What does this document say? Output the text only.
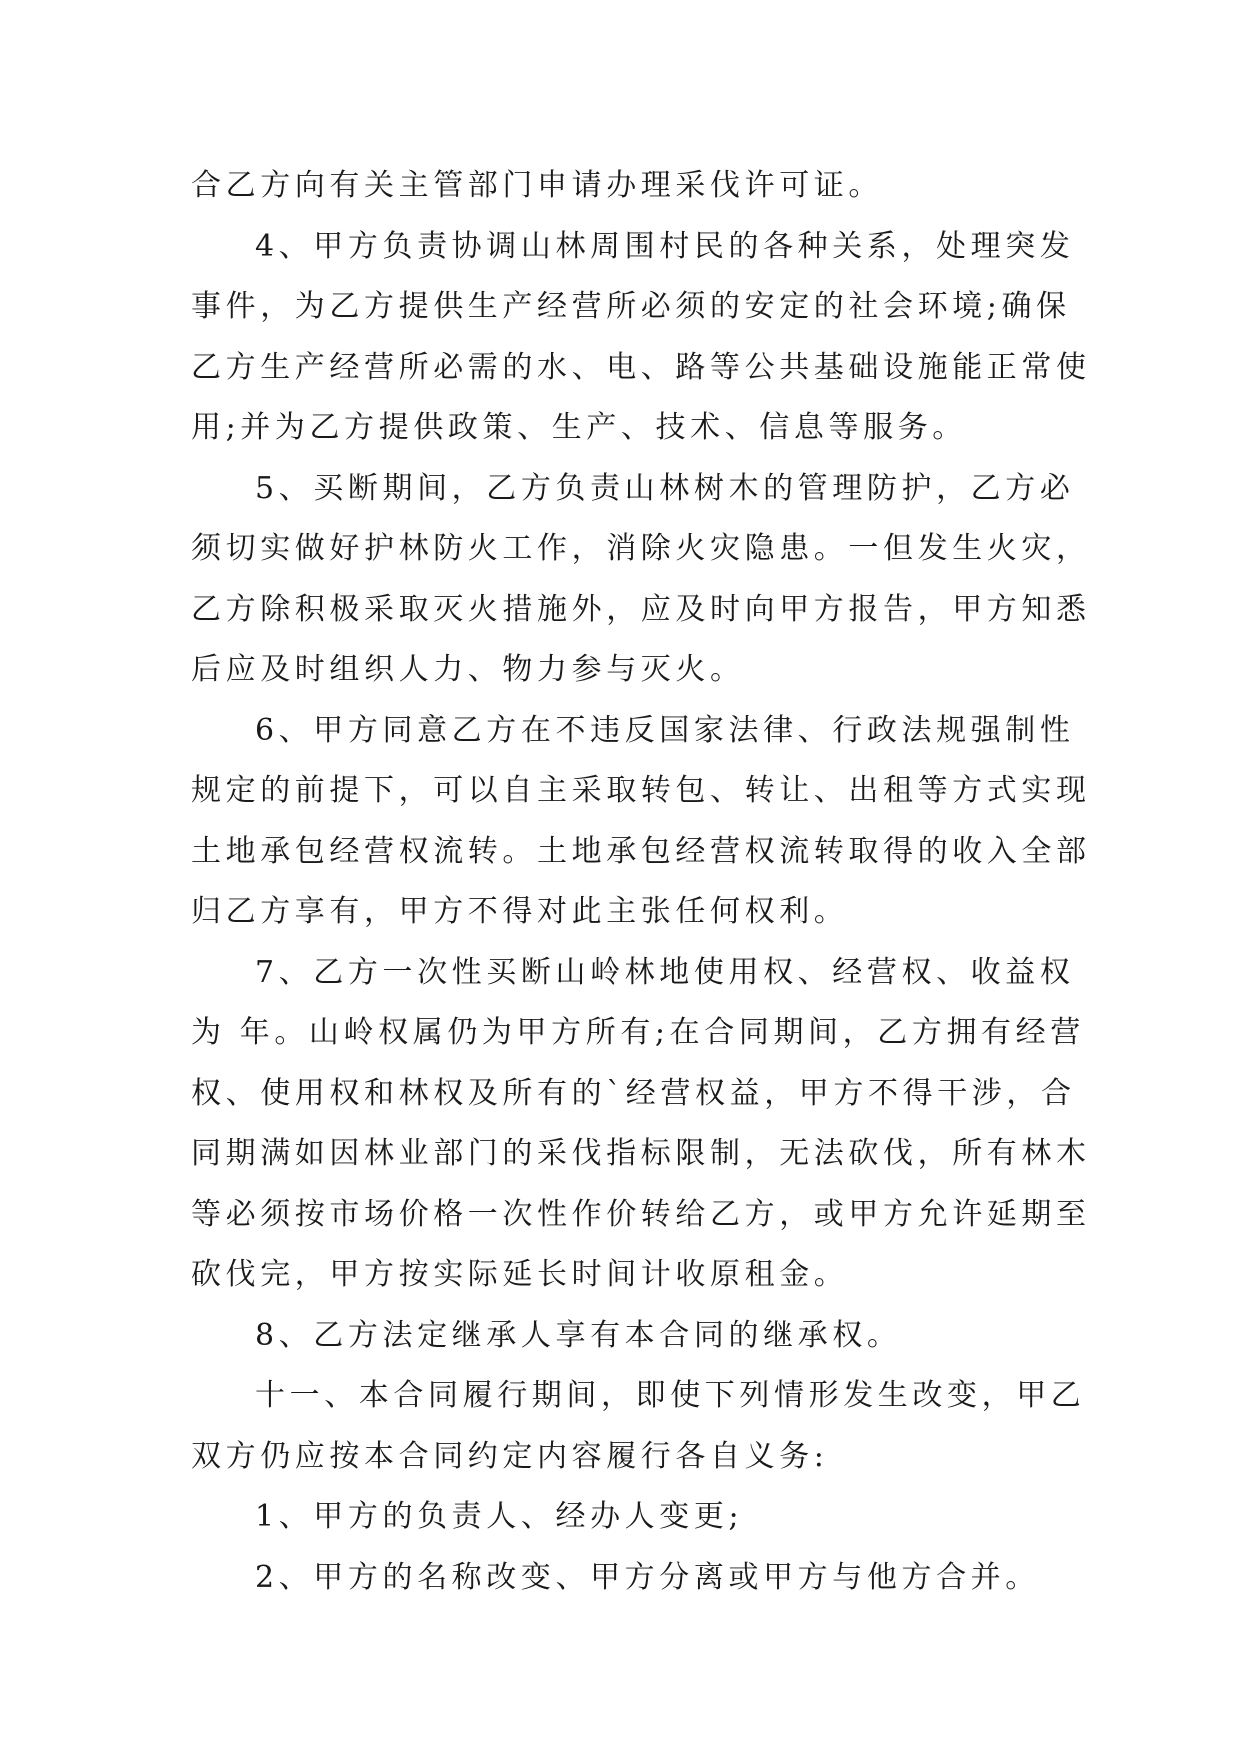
合乙方向有关主管部门申请办理采伐许可证。
4、甲方负责协调山林周围村民的各种关系，处理突发
事件，为乙方提供生产经营所必须的安定的社会环境;确保
乙方生产经营所必需的水、电、路等公共基础设施能正常使
用;并为乙方提供政策、生产、技术、信息等服务。
5、买断期间，乙方负责山林树木的管理防护，乙方必
须切实做好护林防火工作，消除火灾隐患。一但发生火灾，
乙方除积极采取灭火措施外，应及时向甲方报告，甲方知悉
后应及时组织人力、物力参与灭火。
6、甲方同意乙方在不违反国家法律、行政法规强制性
规定的前提下，可以自主采取转包、转让、出租等方式实现
土地承包经营权流转。土地承包经营权流转取得的收入全部
归乙方享有，甲方不得对此主张任何权利。
7、乙方一次性买断山岭林地使用权、经营权、收益权
为 年。山岭权属仍为甲方所有;在合同期间，乙方拥有经营
权、使用权和林权及所有的`经营权益，甲方不得干涉，合
同期满如因林业部门的采伐指标限制，无法砍伐，所有林木
等必须按市场价格一次性作价转给乙方，或甲方允许延期至
砍伐完，甲方按实际延长时间计收原租金。
8、乙方法定继承人享有本合同的继承权。
十一、本合同履行期间，即使下列情形发生改变，甲乙
双方仍应按本合同约定内容履行各自义务:
1、甲方的负责人、经办人变更;
2、甲方的名称改变、甲方分离或甲方与他方合并。
